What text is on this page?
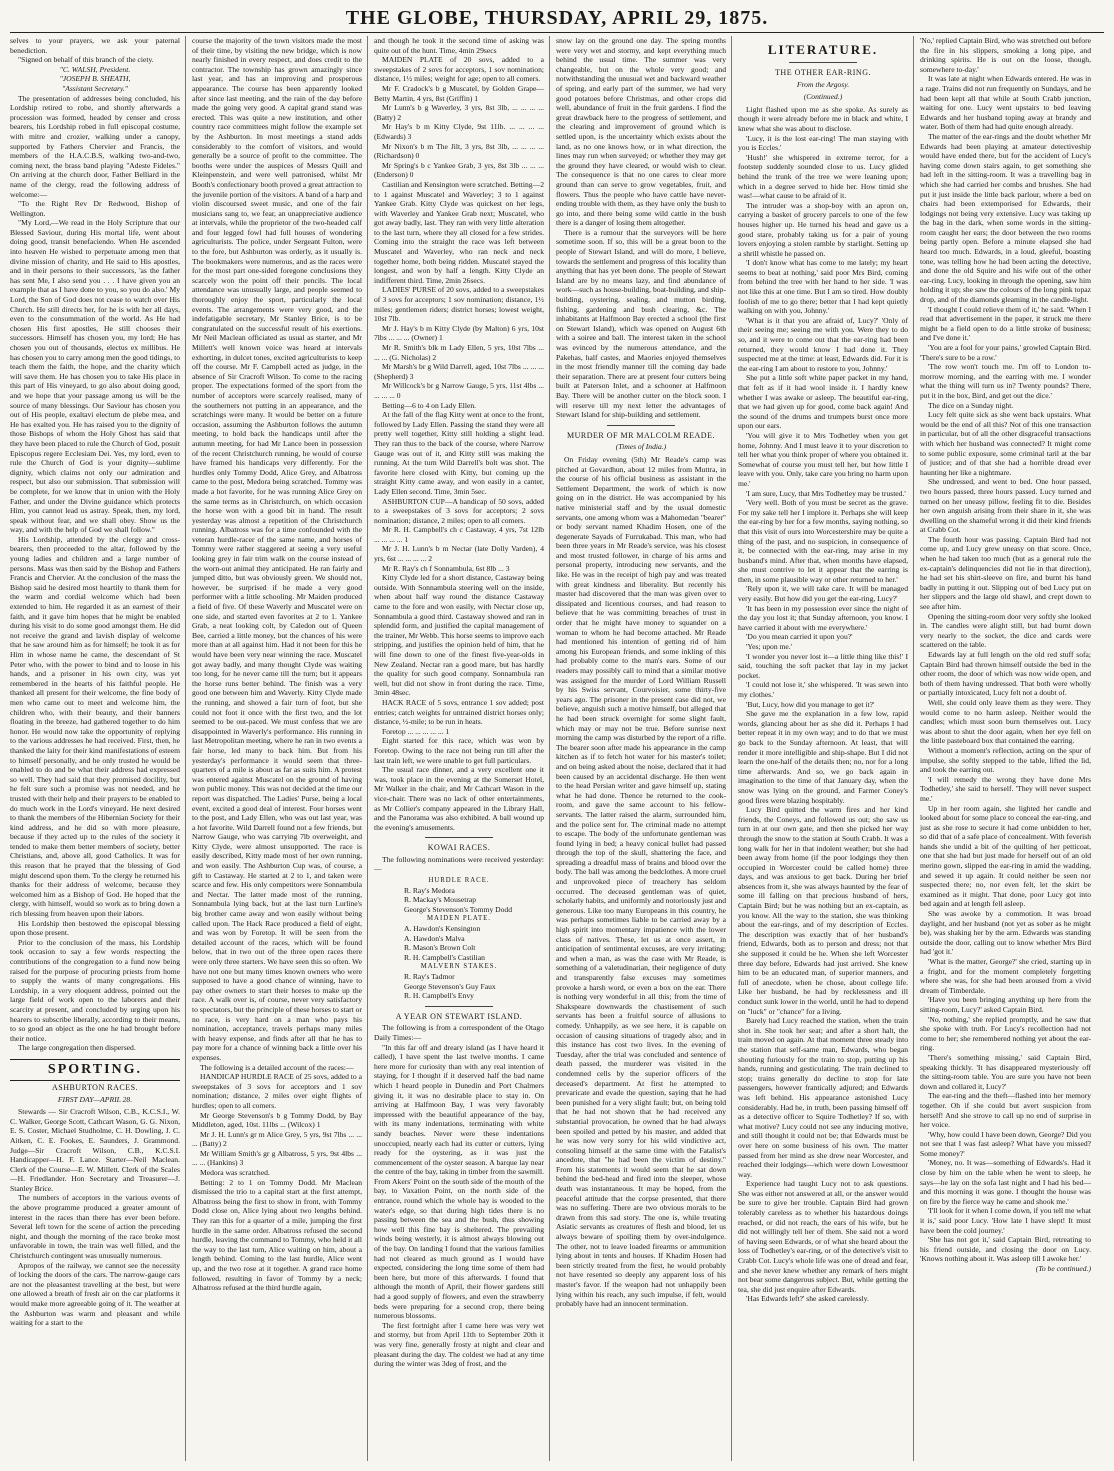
THE GLOBE, THURSDAY, APRIL 29, 1875.

selves to your prayers, we ask your paternal benediction.

"Signed on behalf of this branch of the ciety.

"C. WALSH, President.

"JOSEPH B. SHEATH,

"Assistant Secretary."

The presentation of addresses being concluded, his Lordship retired to robe, and shortly afterwards a procession was formed, headed by censer and cross bearers, his Lordship robed in full episcopal costume, with mitre and crozier, walking under a canopy, supported by Fathers Chervier and Francis, the members of the H.A.C.B.S, walking two-and-two, coming next, the brass band playing "Adeste Fideles." On arriving at the church door, Father Belliard in the name of the clergy, read the following address of welcome:—

"To the Right Rev Dr Redwood, Bishop of Wellington.

"My Lord,—We read in the Holy Scripture that our Blessed Saviour, during His mortal life, went about doing good, transit benefaciendo. When He ascended into heaven He wished to perpetuate among men that divine mission of charity, and He said to His apostles, and in their persons to their successors, 'as the father has sent Me, I also send you . . . I have given you an example that as I have done to you, so you do also.' My Lord, the Son of God does not cease to watch over His Church. He still directs her, for he is with her all days, even to the consummation of the world. As He had chosen His first apostles, He still chooses their successors. Himself has chosen you, my lord; He has chosen you out of thousands, electus ex millibus. He has chosen you to carry among men the good tidings, to teach them the faith, the hope, and the charity which will save them. He has chosen you to take His place in this part of His vineyard, to go also about doing good, and we hope that your passage among us will be the source of many blessings. Our Saviour has chosen you out of His people, exaltavi electum de plebe mea, and He has exalted you. He has raised you to the dignity of those Bishops of whom the Holy Ghost has said that they have been placed to rule the Church of God, posuit Episcopus regere Ecclesiam Dei. Yes, my lord, even to rule the Church of God is your dignity—sublime dignity, which claims not only our admiration and respect, but also our submission. That submission will be complete, for we know that in union with the Holy Father, and under the Divine guidance which protects Him, you cannot lead us astray. Speak, then, my lord, speak without fear, and we shall obey. Show us the way, and with the help of God we shall follow."

His Lordship, attended by the clergy and cross-bearers, then proceeded to the altar, followed by the young ladies and children and a large number of persons. Mass was then said by the Bishop and Fathers Francis and Chervier. At the conclusion of the mass the Bishop said he desired most heartily to thank them for the warm and cordial welcome which had been extended to him. He regarded it as an earnest of their faith, and it gave him hopes that he might be enabled during his visit to do some good amongst them. He did not receive the grand and lavish display of welcome that he saw around him as for himself; he took it as for Him in whose name he came, the descendant of St Peter who, with the power to bind and to loose in his hands, and a prisoner in his own city, was yet remembered in the hearts of his faithful people. He thanked all present for their welcome, the fine body of men who came out to meet and welcome him, the children who, with their beauty, and their banners floating in the breeze, had gathered together to do him honor. He would now take the opportunity of replying to the various addresses he had received. First, then, he thanked the laity for their kind manifestations of esteem to himself personally, and he only trusted he would be enabled to do and be what their address had expressed so well. They had said that they promised docility, but he felt sure such a promise was not needed, and he trusted with their help and their prayers to be enabled to do much work in the Lord's vineyard. He next desired to thank the members of the Hibernian Society for their kind address, and he did so with more pleasure, because if they acted up to the rules of the society it tended to make them better members of society, better Christians, and, above all, good Catholics. It was for this reason that he prayed that the blessing of God might descend upon them. To the clergy he returned his thanks for their address of welcome, because they welcomed him as a Bishop of God. He hoped that the clergy, with himself, would so work as to bring down a rich blessing from heaven upon their labors.

His Lordship then bestowed the episcopal blessing upon those present.

Prior to the conclusion of the mass, his Lordship took occasion to say a few words respecting the contributions of the congregation to a fund now being raised for the purpose of procuring priests from home to supply the wants of many congregations. His Lordship, in a very eloquent address, pointed out the large field of work open to the laborers and their scarcity at present, and concluded by urging upon his hearers to subscribe liberally, according to their means, to so good an object as the one he had brought before their notice.

The large congregation then dispersed.

SPORTING.
ASHBURTON RACES.
FIRST DAY—APRIL 28.

Stewards — Sir Cracroft Wilson, C.B., K.C.S.I., W. C. Walker, George Scott, Cathcart Wason, G. G. Nixon, E. S. Coster, Michael Studholme, C. H. Dowling, J. C. Aitken, C. E. Fookes, E. Saunders, J. Grammond. Judge—Sir Cracroft Wilson, C.B., K.C.S.I. Handicapper—H. F. Lance. Starter—Neil Maclean. Clerk of the Course—E. W. Millett. Clerk of the Scales—H. Friedlander. Hon Secretary and Treasurer—J. Stanley Brice.

The numbers of acceptors in the various events of the above programme produced a greater amount of interest in the races than there has ever been before. Several left town for the scene of action the preceding night, and though the morning of the race broke most unfavorable in town, the train was well filled, and the Christchurch contingent was unusually numerous.

Apropos of the railway, we cannot see the necessity of locking the doors of the cars. The narrow-gauge cars are not the pleasantest travelling at the best, but were one allowed a breath of fresh air on the car platforms it would make more agreeable going of it. The weather at the Ashburton was warm and pleasant and while waiting for a start to the

course the majority of the town visitors made the most of their time, by visiting the new bridge, which is now nearly finished in every respect, and does credit to the contractor. The township has grown amazingly since last year, and has an improving and prosperous appearance. The course has been apparently looked after since last meeting, and the rain of the day before made the going very good. A capital grand stand was erected. This was quite a new institution, and other country race committees might follow the example set by the Ashburton. In most meetings a stand adds considerably to the comfort of visitors, and would generally be a source of profit to the committee. The booths were under the auspices of Messrs Quill and Kleinpenstein, and were well patronised, whilst Mr Booth's confectionary booth proved a great attraction to the juvenile portion of the visitors. A band of a harp and violin discoursed sweet music, and one of the fair musicians sang to, we fear, an unappreciative audience at intervals, while the proprietor of the two-headed calf and four legged fowl had full houses of wondering agriculturists. The police, under Sergeant Fulton, were to the fore, but Ashburton was orderly, as it usually is. The bookmakers were numerous, and as the races were for the most part one-sided foregone conclusions they scarcely won the point off their pencils. The local attendance was unusually large, and people seemed to thoroughly enjoy the sport, particularly the local events. The arrangements were very good, and the indefatigable secretary, Mr Stanley Brice, is to be congratulated on the successful result of his exertions. Mr Neil Maclean officiated as usual as starter, and Mr Millett's well known voice was heard at intervals exhorting, in dulcet tones, excited agriculturists to keep off the course. Mr F. Campbell acted as judge, in the absence of Sir Cracroft Wilson. To come to the racing proper. The expectations formed of the sport from the number of acceptors were scarcely realised, many of the southerners not putting in an appearance, and the scratchings were many. It would be better on a future occasion, assuming the Ashburton follows the autumn meeting, to hold back the handicaps until after the autumn meeting, for had Mr Lance been in possession of the recent Christchurch running, he would of course have framed his handicaps very differently. For the hurdles only Tommy Dodd, Alice Grey, and Albatross came to the post, Medora being scratched. Tommy was made a hot favorite, for he was running Alice Grey on the same terms as in Christchurch, on which occasion the horse won with a good bit in hand. The result yesterday was almost a repetition of the Christchurch running. Albatross was for a time confounded with the veteran hurdle-racer of the same name, and horses of Tommy were rather staggered at seeing a very useful looking grey in fair trim walk on the course instead of the worn-out animal they anticipated. He ran fairly and jumped ditto, but was obviously green. We should not, however, be surprised if he made a very good performer with a little schooling. Mr Maiden produced a field of five. Of these Waverly and Muscatel were on one side, and started even favorites at 2 to 1. Yankee Grab, a neat looking colt, by Caledon out of Queen Bee, carried a little money, but the chances of his were more than at all against him. Had it not been for this he would have been very near winning the race. Muscatel got away badly, and many thought Clyde was waiting too long, for he never came till the turn; but it appears the horse runs better behind. The finish was a very good one between him and Waverly. Kitty Clyde made the running, and showed a fair turn of foot, but she could not foot it once with the first two, and the lot seemed to be out-paced. We must confess that we are disappointed in Waverly's performance. His running in last Metropolitan meeting, where he ran in two events a fair horse, led many to back him. But from his yesterday's performance it would seem that three-quarters of a mile is about as far as suits him. A protest was entered against Muscatel on the ground of having won public money. This was not decided at the time our report was dispatched. The Ladies' Purse, being a local event, excited a good deal of interest. Four horses went to the post, and Lady Ellen, who was out last year, was a hot favorite. Wild Darrell found not a few friends, but Narrow Gauge, who was carrying 7lb overweight, and Kitty Clyde, were almost unsupported. The race is easily described, Kitty made most of her own running, and won easily. The Ashburton Cup was, of course, a gift to Castaway. He started at 2 to 1, and taken were scarce and few. His only competitors were Sonnambula and Nectar. The latter made most of the running, Sonnambula lying back, but at the last turn Lurline's big brother came away and won easily without being called upon. The Hack Race produced a field of eight, and was won by Foretop. It will be seen from the detailed account of the races, which will be found below, that in two out of the three open races there were only three starters. We have seen this so often. We have not one but many times known owners who were supposed to have a good chance of winning, have to pay other owners to start their horses to make up the race. A walk over is, of course, never very satisfactory to spectators, but the principle of these horses to start or no race, is very hard on a man who pays his nomination, acceptance, travels perhaps many miles with heavy expense, and finds after all that he has to pay more for a chance of winning back a little over his expenses.

The following is a detailed account of the races:—

HANDICAP HURDLE RACE of 25 sovs, added to a sweepstakes of 3 sovs for acceptors and 1 sov nomination; distance, 2 miles over eight flights of hurdles; open to all comers.

Mr George Stevenson's b g Tommy Dodd, by Bay Middleton, aged, 10st. 11lbs ... (Wilcox) 1

Mr J. H. Lunn's gr m Alice Grey, 5 yrs, 9st 7lbs ... ... ... (Batty) 2

Mr William Smith's gr g Albatross, 5 yrs, 9st 4lbs ... ... ... (Hankins) 3

Medora was scratched.

Betting: 2 to 1 on Tommy Dodd. Mr Maclean dismissed the trio to a capital start at the first attempt, Albatross being the first to show in front, with Tommy Dodd close on, Alice lying about two lengths behind. They ran this for a quarter of a mile, jumping the first hurdle in the same order. Albatross refused the second hurdle, leaving the command to Tommy, who held it all the way to the last turn, Alice waiting on him, about a length behind. Coming to the last hurdle, Alice went up, and the two rose at it together. A grand race home followed, resulting in favor of Tommy by a neck; Albatross refused at the third hurdle again,

and though he took it the second time of asking was quite out of the hunt. Time, 4min 29secs

MAIDEN PLATE of 20 sovs, added to a sweepstakes of 2 sovs for acceptors, 1 sov nomination; distance, 1½ miles; weight for age; open to all comers.

Mr F. Cradock's b g Muscatel, by Golden Grape—Betty Martin, 4 yrs, 8st (Griffin) 1

Mr Lunn's b g Waverley, 3 yrs, 8st 3lb, ... ... ... ... (Batty) 2

Mr Hay's b m Kitty Clyde, 9st 11lb. ... ... ... ... (Edwards) 3

Mr Nixon's b m The Jilt, 3 yrs, 8st 3lb, ... ... ... ... (Richardson) 0

Mr Spring's b c Yankee Grab, 3 yrs, 8st 3lb ... ... ... (Enderson) 0

Castilian and Kensington were scratched. Betting—2 to 1 against Muscatel and Waverley; 3 to 1 against Yankee Grab. Kitty Clyde was quickest on her legs, with Waverley and Yankee Grab next; Muscatel, who got away badly, last. They ran with very little alteration to the last turn, where they all closed for a few strides. Coming into the straight the race was left between Muscatel and Waverley, who ran neck and neck together home, both being ridden. Muscatel stayed the longest, and won by half a length. Kitty Clyde an indifferent third. Time, 2min 26secs.

LADIES' PURSE of 20 sovs, added to a sweepstakes of 3 sovs for acceptors; 1 sov nomination; distance, 1½ miles; gentlemen riders; district horses; lowest weight, 10st 7lb.

Mr J. Hay's b m Kitty Clyde (by Malton) 6 yrs, 10st 7lbs ... ... ... (Owner) 1

Mr R. Smith's blk m Lady Ellen, 5 yrs, 10st 7lbs ... ... ... (G. Nicholas) 2

Mr Marsh's br g Wild Darrell, aged, 10st 7lbs ... ... ... (Shepherd) 3

Mr Willcock's br g Narrow Gauge, 5 yrs, 11st 4lbs ... ... ... ... 0

Betting—6 to 4 on Lady Ellen.

At the fall of the flag Kitty went at once to the front, followed by Lady Ellen. Passing the stand they were all pretty well together, Kitty still holding a slight lead. They ran thus to the back of the course, where Narrow Gauge was out of it, and Kitty still was making the running. At the turn Wild Darrell's bolt was shot. The favorite here closed with Kitty, but coming up the straight Kitty came away, and won easily in a canter, Lady Ellen second. Time, 3min 5sec.

ASHBURTON CUP—A handicap of 50 sovs, added to a sweepstakes of 3 sovs for acceptors; 2 sovs nomination; distance, 2 miles; open to all comers.

Mr R. H. Campbell's ch c Castaway, 4 yrs, 7st 12lb ... ... ... ... 1

Mr J. H. Lunn's b m Nectar (late Dolly Varden), 4 yrs, 6st ... ... ... ... 2

Mr R. Ray's ch f Sonnambula, 6st 8lb ... 3

Kitty Clyde led for a short distance, Castaway being outside. With Sonnambula steering well on the inside, when about half way round the distance Castaway came to the fore and won easily, with Nectar close up, Sonnambula a good third. Castaway showed and ran in splendid form, and justified the capital management of the trainer, Mr Webb. This horse seems to improve each stripping, and justifies the opinion held of him, that he will fine down to one of the finest five-year-olds in New Zealand. Nectar ran a good mare, but has hardly the quality for such good company. Sonnambula ran well, but did not show in front during the race. Time, 3min 48sec.

HACK RACE of 5 sovs, entrance 1 sov added; post entries; catch weights for untrained district horses only; distance, ½-mile; to be run in heats.

Foretop ... ... ... ... ... 1

Eight started for this race, which was won by Foretop. Owing to the race not being run till after the last train left, we were unable to get full particulars.

The usual race dinner, and a very excellent one it was, took place in the evening at the Somerset Hotel, Mr Walker in the chair, and Mr Cathcart Wason in the vice-chair. There was no lack of other entertainments, as Mr Collier's company appeared in the Library Hall, and the Panorama was also exhibited. A ball wound up the evening's amusements.

KOWAI RACES.

The following nominations were received yesterday:—

HURDLE RACE.
R. Ray's Medora
R. Mackay's Mousetrap
George's Stevenson's Tommy Dodd
MAIDEN PLATE.
A. Hawdon's Kensington
A. Hawdon's Malva
R. Mason's Brown Colt
R. H. Campbell's Castilian
MALVERN STAKES.
R. Ray's Tadmor
George Stevenson's Guy Faux
R. H. Campbell's Envy
A YEAR ON STEWART ISLAND.

The following is from a correspondent of the Otago Daily Times:—

"In this far off and dreary island (as I have heard it called), I have spent the last twelve months. I came here more for curiosity than with any real intention of staying, for I thought if it deserved half the bad name which I heard people in Dunedin and Port Chalmers giving it, it was no desirable place to stay in. On arriving at Halfmoon Bay, I was very favorably impressed with the beautiful appearance of the bay, with its many indentations, terminating with white sandy beaches. Never were these indentations unoccupied, nearly each had its cutter or cutters, lying ready for the oystering, as it was just the commencement of the oyster season. A barque lay near the centre of the bay, taking in timber from the sawmill. From Akers' Point on the south side of the mouth of the bay, to Vaxation Point, on the north side of the entrance, round which the whole bay is wooded to the water's edge, so that during high tides there is no passing between the sea and the bush, thus showing how well this fine bay is sheltered. The prevailing winds being westerly, it is almost always blowing out of the bay. On landing I found that the various families had not cleared as much ground as I would have expected, considering the long time some of them had been here, but more of this afterwards. I found that although the month of April, their flower gardens still had a good supply of flowers, and even the strawberry beds were preparing for a second crop, there being numerous blossoms.

The first fortnight after I came here was very wet and stormy, but from April 11th to September 20th it was very fine, generally frosty at night and clear and pleasant during the day. The coldest we had at any time during the winter was 3deg of frost, and the

snow lay on the ground one day. The spring months were very wet and stormy, and kept everything much behind the usual time. The summer was very changeable, but on the whole very good; and notwithstanding the unusual wet and backward weather of spring, and early part of the summer, we had very good potatoes before Christmas, and other crops did well, abundance of fruit in the fruit gardens. I find the great drawback here to the progress of settlement, and the clearing and improvement of ground which is settled upon, is the uncertainty which exists about the land, as no one knows how, or in what direction, the lines may run when surveyed; or whether they may get the ground they have cleared, or would wish to clear. The consequence is that no one cares to clear more ground than can serve to grow vegetables, fruit, and flowers. Thus the people who have cattle have never-ending trouble with them, as they have only the bush to go into, and there being some wild cattle in the bush there is a danger of losing them altogether.

There is a rumour that the surveyors will be here sometime soon. If so, this will be a great boon to the people of Stewart Island, and will do more, I believe, towards the settlement and progress of this locality than anything that has yet been done. The people of Stewart Island are by no means lazy, and find abundance of work—such as house-building, boat-building, and ship-building, oystering, sealing, and mutton birding, fishing, gardening and bush clearing, &c. The inhabitants at Halfmoon Bay erected a school (the first on Stewart Island), which was opened on August 6th with a soiree and ball. The interest taken in the school was evinced by the numerous attendance, and the Pakehas, half castes, and Maories enjoyed themselves in the most friendly manner till the coming day bade their separation. There are at present four cutters being built at Paterson Inlet, and a schooner at Halfmoon Bay. There will be another cutter on the block soon. I will reserve till my next letter the advantages of Stewart Island for ship-building and settlement.

MURDER OF MR MALCOLM READE.
(Times of India.)

On Friday evening (5th) Mr Reade's camp was pitched at Govardhun, about 12 miles from Muttra, in the course of his official business as assistant in the Settlement Department, the work of which is now going on in the district. He was accompanied by his native ministerial staff and by the usual domestic servants, one among whom was a Mahomedan "bearer" or body servant named Khadim Hosen, one of the degenerate Sayads of Furrukabad. This man, who had been three years in Mr Reade's service, was his closest and most trusted follower, in charge of his arms and personal property, introducing new servants, and the like. He was in the receipt of high pay and was treated with great kindness and liberality. But recently his master had discovered that the man was given over to dissipated and licentious courses, and had reason to believe that he was committing breaches of trust in order that he might have money to squander on a woman to whom he had become attached. Mr Reade had mentioned his intention of getting rid of him among his European friends, and some inkling of this had probably come to the man's ears. Some of our readers may possibly call to mind that a similar motive was assigned for the murder of Lord William Russell by his Swiss servant, Courvoisier, some thirty-five years ago. The prisoner in the present case did not, we believe, anguish such a motive himself, but alleged that he had been struck overnight for some slight fault, which may or may not be true. Before sunrise next morning the camp was disturbed by the report of a rifle. The bearer soon after made his appearance in the camp kitchen as if to fetch hot water for his master's toilet; and on being asked about the noise, declared that it had been caused by an accidental discharge. He then went to the head Persian writer and gave himself up, stating what he had done. Thence he returned to the cook-room, and gave the same account to his fellow-servants. The latter raised the alarm, surrounded him, and the police sent for. The criminal made no attempt to escape. The body of the unfortunate gentleman was found lying in bed; a heavy conical bullet had passed through the top of the skull, shattering the face, and spreading a dreadful mass of brains and blood over the body. The ball was among the bedclothes. A more cruel and unprovoked piece of treachery has seldom occurred. The deceased gentleman was of quiet, scholarly habits, and uniformly and notoriously just and generous. Like too many Europeans in this country, he was perhaps sometimes liable to be carried away by a high spirit into momentary impatience with the lower class of natives. These, let us at once assert, in anticipation of sentimental excuses, are very irritating; and when a man, as was the case with Mr Reade, is something of a valetudinarian, their negligence of duty and transparently false excuses may sometimes provoke a harsh word, or even a box on the ear. There is nothing very wonderful in all this; from the time of Shakspeare downwards the chastisement of such servants has been a fruitful source of allusions to comedy. Unhappily, as we see here, it is capable on occasion of causing situations of tragedy also; and in this instance has cost two lives. In the evening of Tuesday, after the trial was concluded and sentence of death passed, the murderer was visited in the condemned cells by the superior officers of the deceased's department. At first he attempted to prevaricate and evade the question, saying that he had been punished for a very slight fault; but, on being told that he had not shown that he had received any substantial provocation, he owned that he had always been spoiled and petted by his master, and added that he was now very sorry for his wild vindictive act, consoling himself at the same time with the Fatalist's ancedote, that "he had been the victim of destiny." From his statements it would seem that he sat down behind the bed-head and fired into the sleeper, whose death was instantaneous. It may be hoped, from the peaceful attitude that the corpse presented, that there was no suffering. There are two obvious morals to be drawn from this sad story. The one is, while treating Asiatic servants as creatures of flesh and blood, let us always beware of spoiling them by over-indulgence. The other, not to leave loaded firearms or ammunition lying about in tents and houses. If Khadim Hosen had been strictly treated from the first, he would probably not have resented so deeply any apparent loss of his master's favor. If the weapon had not unhappily been lying within his reach, any such impulse, if felt, would probably have had an innocent termination.

LITERATURE.
THE OTHER EAR-RING.
From the Argosy.
(Continued.)

Light flashed upon me as she spoke. As surely as though it were already before me in black and white, I knew what she was about to disclose.

'Lucy, it is the lost ear-ring! The man staying with you is Eccles.'

'Hush!' she whispered in extreme terror, for a footstep suddenly sounded close to us. Lucy glided behind the trunk of the tree we were leaning upon; which in a degree served to hide her. How timid she was!—what cause to be afraid of it.

The intruder was a shop-boy with an apron on, carrying a basket of grocery parcels to one of the few houses higher up. He turned his head and gave us a good stare, probably taking us for a pair of young lovers enjoying a stolen ramble by starlight. Setting up a shrill whistle he passed on.

'I don't know what has come to me lately; my heart seems to beat at nothing,' said poor Mrs Bird, coming from behind the tree with her hand to her side. 'I was not like this at one time. But I am so tired. How doubly foolish of me to go there; better that I had kept quietly walking on with you, Johnny.'

'What is it that you are afraid of, Lucy?' 'Only of their seeing me; seeing me with you. Were they to do so, and it were to come out that the ear-ring had been returned, they would know I had done it. They suspected me at the time: at least, Edwards did. For it is the ear-ring I am about to restore to you, Johnny.'

She put a little soft white paper packet in my hand, that felt as if it had wool inside it. I hardly knew whether I was awake or asleep. The beautiful ear-ring, that we had given up for good, come back again! And the sound of the drums and trumpets burst once more upon our ears.

'You will give it to Mrs Todhetley when you get home, Johnny. And I must leave it to your discretion to tell her what you think proper of where you obtained it. Somewhat of course you must tell her, but how little I leave with you. Only, take care you bring no harm upon me.'

'I am sure, Lucy, that Mrs Todhetley may be trusted.'

'Very well. Both of you must be secret as the grave. For my sake tell her I implore it. Perhaps she will keep the ear-ring by her for a few months, saying nothing, so that this visit of ours into Worcestershire may be quite a thing of the past, and no suspicion, in consequence of it, be connected with the ear-ring, may arise in my husband's mind. After that, when months have elapsed, she must contrive to let it appear that the earring is then, in some plausible way or other returned to her.'

'Rely upon it, we will take care. It will be managed very easily. But how did you get the ear-ring, Lucy?'

'It has been in my possession ever since the night of the day you lost it; that Sunday afternoon, you know. I have carried it about with me everywhere.'

'Do you mean carried it upon you?'

'Yes; upon me.'

'I wonder you never lost it—a little thing like this!' I said, touching the soft packet that lay in my jacket pocket.

'I could not lose it,' she whispered. 'It was sewn into my clothes.'

'But, Lucy, how did you manage to get it?'

She gave me the explanation in a few low, rapid words, glancing about her as she did it. Perhaps I had better repeat it in my own way; and to do that we must go back to the Sunday afternoon. At least, that will render it more intelligible and ship-shape. But I did not learn the one-half of the details then; no, nor for a long time afterwards. And so, we go back again in imagination to the time of that January day, when the snow was lying on the ground, and Farmer Coney's good fires were blazing hospitably.

Lucy Bird quitted the warm fires and her kind friends, the Coneys, and followed us out; she saw us turn in at our own gate, and then she picked her way through the snow to the station at South Crabb. It was a long walk for her in that indolent weather; but she had been away from home (if the poor lodgings they then occupied in Worcester could be called home) three days, and was anxious to get back. During her brief absences from it, she was always haunted by the fear of some ill falling on that precious husband of hers, Captain Bird; but he was nothing but an ex-captain, as you know. All the way to the station, she was thinking about the ear-rings, and of my description of Eccles. The description was exactly that of her husband's friend, Edwards, both as to person and dress; not that she supposed it could be he. When she left Worcester three day before, Edwards had just arrived. She knew him to be an educated man, of superior manners, and full of anecdote, when he chose, about college life. Like her husband, he had by recklessness and ill conduct sunk lower in the world, until he had to depend on "luck" or "chance" for a living.

Barely had Lucy reached the station, when the train shot in. She took her seat; and after a short halt, the train moved on again. At that moment three steady into the station that self-same man, Edwards, who began shouting furiously for the train to stop, putting up his hands, running and gesticulating. The train declined to stop; trains generally do decline to stop for late passengers, however frantically adjured; and Edwards was left behind. His appearance astonished Lucy considerably. Had he, in truth, been passing himself off as a detective officer to Squire Todhetley? If so, with what motive? Lucy could not see any inducing motive, and still thought it could not be; that Edwards must be over here on some business of his own. The matter passed from her mind as she drew near Worcester, and reached their lodgings—which were down Lowesmoor way.

Experience had taught Lucy not to ask questions. She was either not answered at all, or the answer would be sure to give her trouble. Captain Bird had grown tolerably careless as to whether his hazardous doings reached, or did not reach, the ears of his wife, but he did not willingly tell her of them. She said not a word of having seen Edwards, or of what she heard about the loss of Todhetley's ear-ring, or of the detective's visit to Crabb Cot. Lucy's whole life was one of dread and fear, and she never knew whether any remark of hers might not bear some dangerous subject. But, while getting the tea, she did just enquire after Edwards.

'Has Edwards left?' she asked carelessly.

'No,' replied Captain Bird, who was stretched out before the fire in his slippers, smoking a long pipe, and drinking spirits. He is out on the loose, though, somewhere to-day.'

It was late at night when Edwards entered. He was in a rage. Trains did not run frequently on Sundays, and he had been kept all that while at South Crabb junction, waiting for one. Lucy went upstairs to bed leaving Edwards and her husband toping away at brandy and water. Both of them had had quite enough already.

The matter of the ear-rings and the doubt whether Mr Edwards had been playing at amateur detectiveship would have ended there, but for the accident of Lucy's having come down stairs again, to get something she had left in the sitting-room. It was a travelling bag in which she had carried her combs and brushes. She had put it just inside the little back parlour, where a bed on chairs had been extemporised for Edwards, their lodgings not being very extensive. Lucy was taking up the bag in the dark, when some words in the sitting-room caught her ears; the door between the two rooms being partly open. Before a minute elapsed she had heard too much. Edwards, in a loud, gleeful, boasting tone, was telling how he had been acting the detective, and done the old Squire and his wife out of the other ear-ring. Lucy, looking in through the opening, saw him holding it up; she saw the colours of the long pink topaz drop, and of the diamonds gleaming in the candle-light.

'I thought I could relieve them of it,' he said. 'When I read that advertisement in the paper, it struck me there might be a field open to do a little stroke of business; and I've done it.'

'You are a fool for your pains,' growled Captain Bird. 'There's sure to be a row.'

'The row won't touch me. I'm off to London to-morrow morning, and the earring with me. I wonder what the thing will turn us in? Twenty pounds? There, put it in the box, Bird, and get out the dice.'

The dice on a Sunday night.

Lucy felt quite sick as she went back upstairs. What would be the end of all this? Not of this one transaction in particular, but of all the other disgraceful transactions with which her husband was connected? It might come to some public exposure, some criminal taril at the bar of justice; and of that she had a horrible dread ever haunting her like a nightmare.

She undressed, and went to bed. One hour passed, two hours passed, three hours passed. Lucy turned and turned on her uneasy pillow, feeling fit to die. Besides her own anguish arising from their share in it, she was dwelling on the shameful wrong it did their kind friends at Crabb Cot.

The fourth hour was passing. Captain Bird had not come up, and Lucy grew uneasy on that score. Once, when he had taken too much (but as a general rule the ex-captain's delinquencies did not lie in that direction), he had set his shirt-sleeve on fire, and burnt his hand badly in putting it out. Slipping out of bed Lucy put on her slippers and the large old shawl, and crept down to see after him.

Opening the sitting-room door very softly she looked in. The candles were alight still, but had burnt down very nearly to the socket, the dice and cards were scattered on the table.

Edwards lay at full length on the old red stuff sofa; Captain Bird had thrown himself outside the bed in the other room, the door of which was now wide open, and both of them having undressed. That both were wholly or partially intoxicated, Lucy felt not a doubt of.

Well, she could only leave them as they were. They would come to no harm asleep. Neither would the candles; which must soon burn themselves out. Lucy was about to shut the door again, when her eye fell on the little pasteboard box that contained the earring.

Without a moment's reflection, acting on the spur of impulse, she softly stepped to the table, lifted the lid, and took the earring out.

'I will remedy the wrong they have done Mrs Todhetley,' she said to herself. 'They will never suspect me.'

Up in her room again, she lighted her candle and looked about for some place to conceal the ear-ring, and just as she rose to secure it had come unbidden to her, so did that of a safe place of concealment. With feverish hands she undid a bit of the quilting of her petticoat, one that she had but just made for herself out of an old merino gown, slipped the ear-ring in amid the wadding, and sewed it up again. It could neither be seen nor suspected there; no, nor even felt, let the skirt be examined as it might. That done, poor Lucy got into bed again and at length fell asleep.

She was awoke by a commotion. It was broad daylight, and her husband (not yet as sober as he might be), was shaking her by the arm. Edwards was standing outside the door, calling out to know whether Mrs Bird had 'got it.'

'What is the matter, George?' she cried, starting up in a fright, and for the moment completely forgetting where she was, for she had been aroused from a vivid dream of Timberdale.

'Have you been bringing anything up here from the sitting-room, Lucy?' asked Captain Bird.

'No, nothing,' she replied promptly, and he saw that she spoke with truth. For Lucy's recollection had not come to her; she remembered nothing yet about the ear-ring.

'There's something missing,' said Captain Bird, speaking thickly. 'It has disappeared mysteriously off the sitting-room table. You are sure you have not been down and collared it, Lucy?'

The ear-ring and the theft—flashed into her memory together. Oh if she could but avert suspicion from herself! And she strove to call up no end of surprise in her voice.

'Why, how could I have been down, George? Did you not see that I was fast asleep? What have you missed? Some money?'

'Money, no. It was—something of Edwards's. Had it close by him on the table when he went to sleep, he says—he lay on the sofa last night and I had his bed—and this morning it was gone. I thought the house was on fire by the fierce way he came and shook me.'

'I'll look for it when I come down, if you tell me what it is,' said poor Lucy. 'How late I have slept! It must have been the cold journey.'

'She has not got it,' said Captain Bird, retreating to his friend outside, and closing the door on Lucy. 'Knows nothing about it. Was asleep till I awoke her.'

(To be continued.)
